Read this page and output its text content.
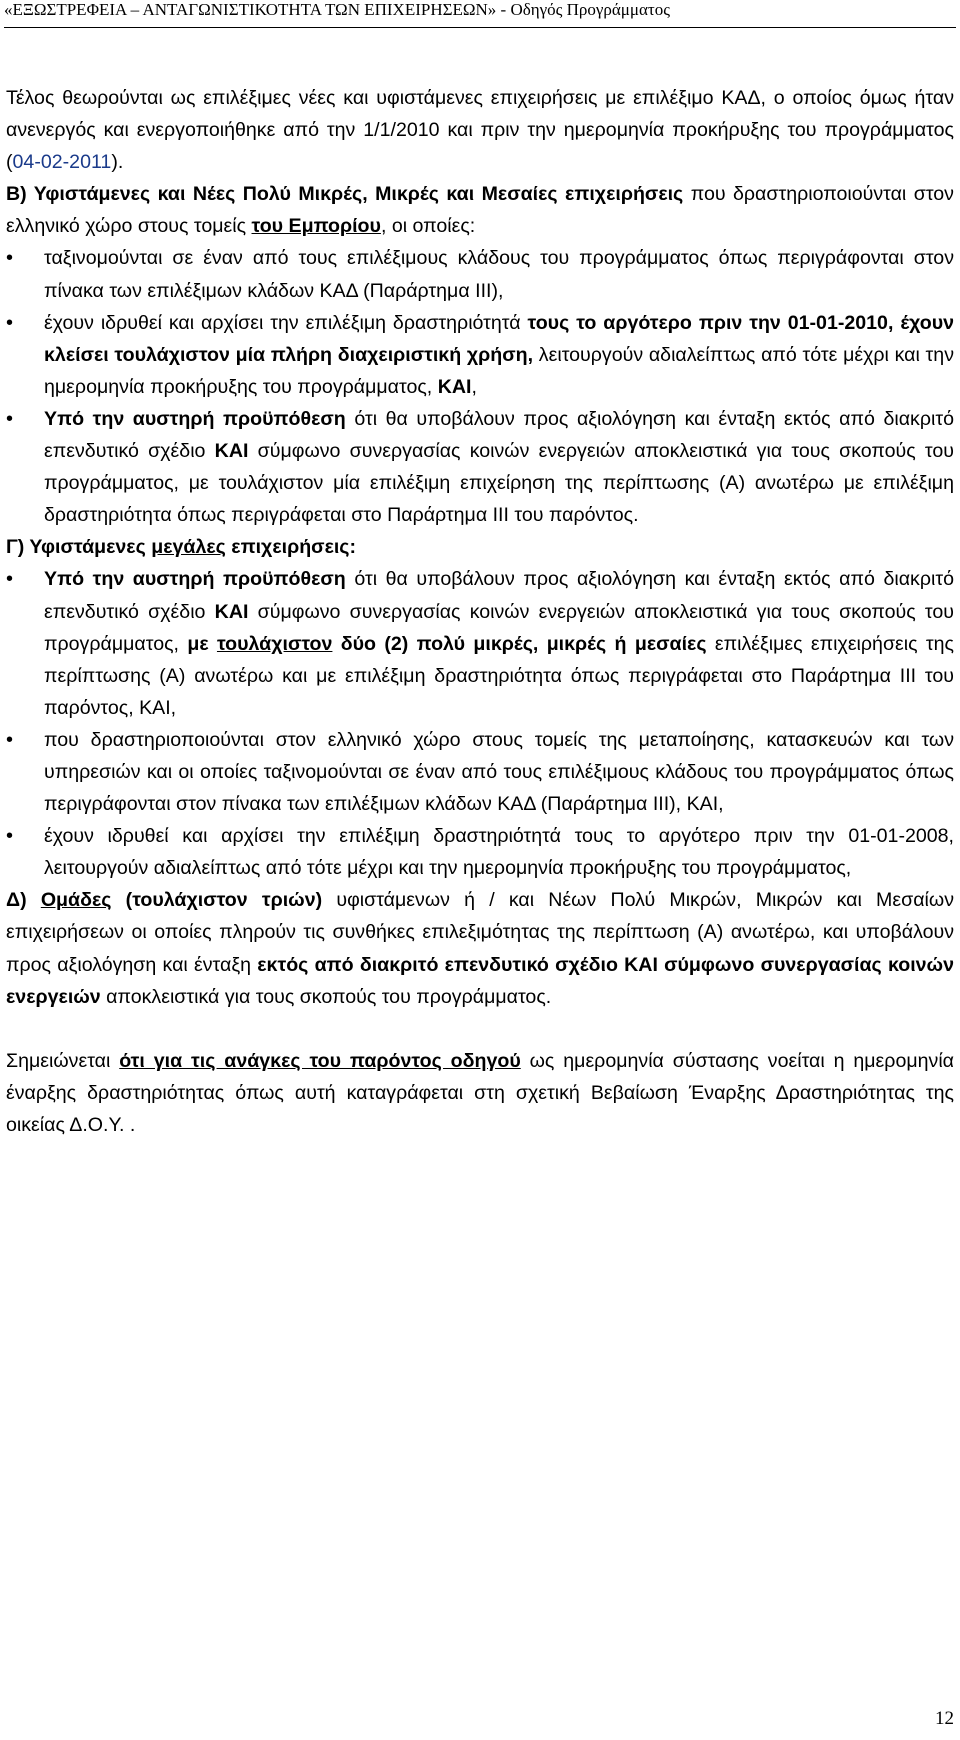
«ΕΞΩΣΤΡΕΦΕΙΑ – ΑΝΤΑΓΩΝΙΣΤΙΚΟΤΗΤΑ ΤΩΝ ΕΠΙΧΕΙΡΗΣΕΩΝ» - Οδηγός Προγράμματος

Τέλος θεωρούνται ως επιλέξιμες νέες και υφιστάμενες επιχειρήσεις με επιλέξιμο ΚΑΔ, ο οποίος όμως ήταν ανενεργός και ενεργοποιήθηκε από την 1/1/2010 και πριν την ημερομηνία προκήρυξης του προγράμματος (04-02-2011).

Β) Υφιστάμενες και Νέες Πολύ Μικρές, Μικρές και Μεσαίες επιχειρήσεις που δραστηριοποιούνται στον ελληνικό χώρο στους τομείς του Εμπορίου, οι οποίες:

• ταξινομούνται σε έναν από τους επιλέξιμους κλάδους του προγράμματος όπως περιγράφονται στον πίνακα των επιλέξιμων κλάδων ΚΑΔ (Παράρτημα ΙΙΙ),
• έχουν ιδρυθεί και αρχίσει την επιλέξιμη δραστηριότητά τους το αργότερο πριν την 01-01-2010, έχουν κλείσει τουλάχιστον μία πλήρη διαχειριστική χρήση, λειτουργούν αδιαλείπτως από τότε μέχρι και την ημερομηνία προκήρυξης του προγράμματος, ΚΑΙ,
• Υπό την αυστηρή προϋπόθεση ότι θα υποβάλουν προς αξιολόγηση και ένταξη εκτός από διακριτό επενδυτικό σχέδιο ΚΑΙ σύμφωνο συνεργασίας κοινών ενεργειών αποκλειστικά για τους σκοπούς του προγράμματος, με τουλάχιστον μία επιλέξιμη επιχείρηση της περίπτωσης (Α) ανωτέρω με επιλέξιμη δραστηριότητα όπως περιγράφεται στο Παράρτημα ΙΙΙ του παρόντος.

Γ) Υφιστάμενες μεγάλες επιχειρήσεις:

• Υπό την αυστηρή προϋπόθεση ότι θα υποβάλουν προς αξιολόγηση και ένταξη εκτός από διακριτό επενδυτικό σχέδιο ΚΑΙ σύμφωνο συνεργασίας κοινών ενεργειών αποκλειστικά για τους σκοπούς του προγράμματος, με τουλάχιστον δύο (2) πολύ μικρές, μικρές ή μεσαίες επιλέξιμες επιχειρήσεις της περίπτωσης (Α) ανωτέρω και με επιλέξιμη δραστηριότητα όπως περιγράφεται στο Παράρτημα ΙΙΙ του παρόντος, ΚΑΙ,
• που δραστηριοποιούνται στον ελληνικό χώρο στους τομείς της μεταποίησης, κατασκευών και των υπηρεσιών και οι οποίες ταξινομούνται σε έναν από τους επιλέξιμους κλάδους του προγράμματος όπως περιγράφονται στον πίνακα των επιλέξιμων κλάδων ΚΑΔ (Παράρτημα ΙΙΙ), ΚΑΙ,
• έχουν ιδρυθεί και αρχίσει την επιλέξιμη δραστηριότητά τους το αργότερο πριν την 01-01-2008, λειτουργούν αδιαλείπτως από τότε μέχρι και την ημερομηνία προκήρυξης του προγράμματος,

Δ) Ομάδες (τουλάχιστον τριών) υφιστάμενων ή / και Νέων Πολύ Μικρών, Μικρών και Μεσαίων επιχειρήσεων οι οποίες πληρούν τις συνθήκες επιλεξιμότητας της περίπτωση (Α) ανωτέρω, και υποβάλουν προς αξιολόγηση και ένταξη εκτός από διακριτό επενδυτικό σχέδιο ΚΑΙ σύμφωνο συνεργασίας κοινών ενεργειών αποκλειστικά για τους σκοπούς του προγράμματος.

Σημειώνεται ότι για τις ανάγκες του παρόντος οδηγού ως ημερομηνία σύστασης νοείται η ημερομηνία έναρξης δραστηριότητας όπως αυτή καταγράφεται στη σχετική Βεβαίωση Έναρξης Δραστηριότητας της οικείας Δ.Ο.Υ. .

12
